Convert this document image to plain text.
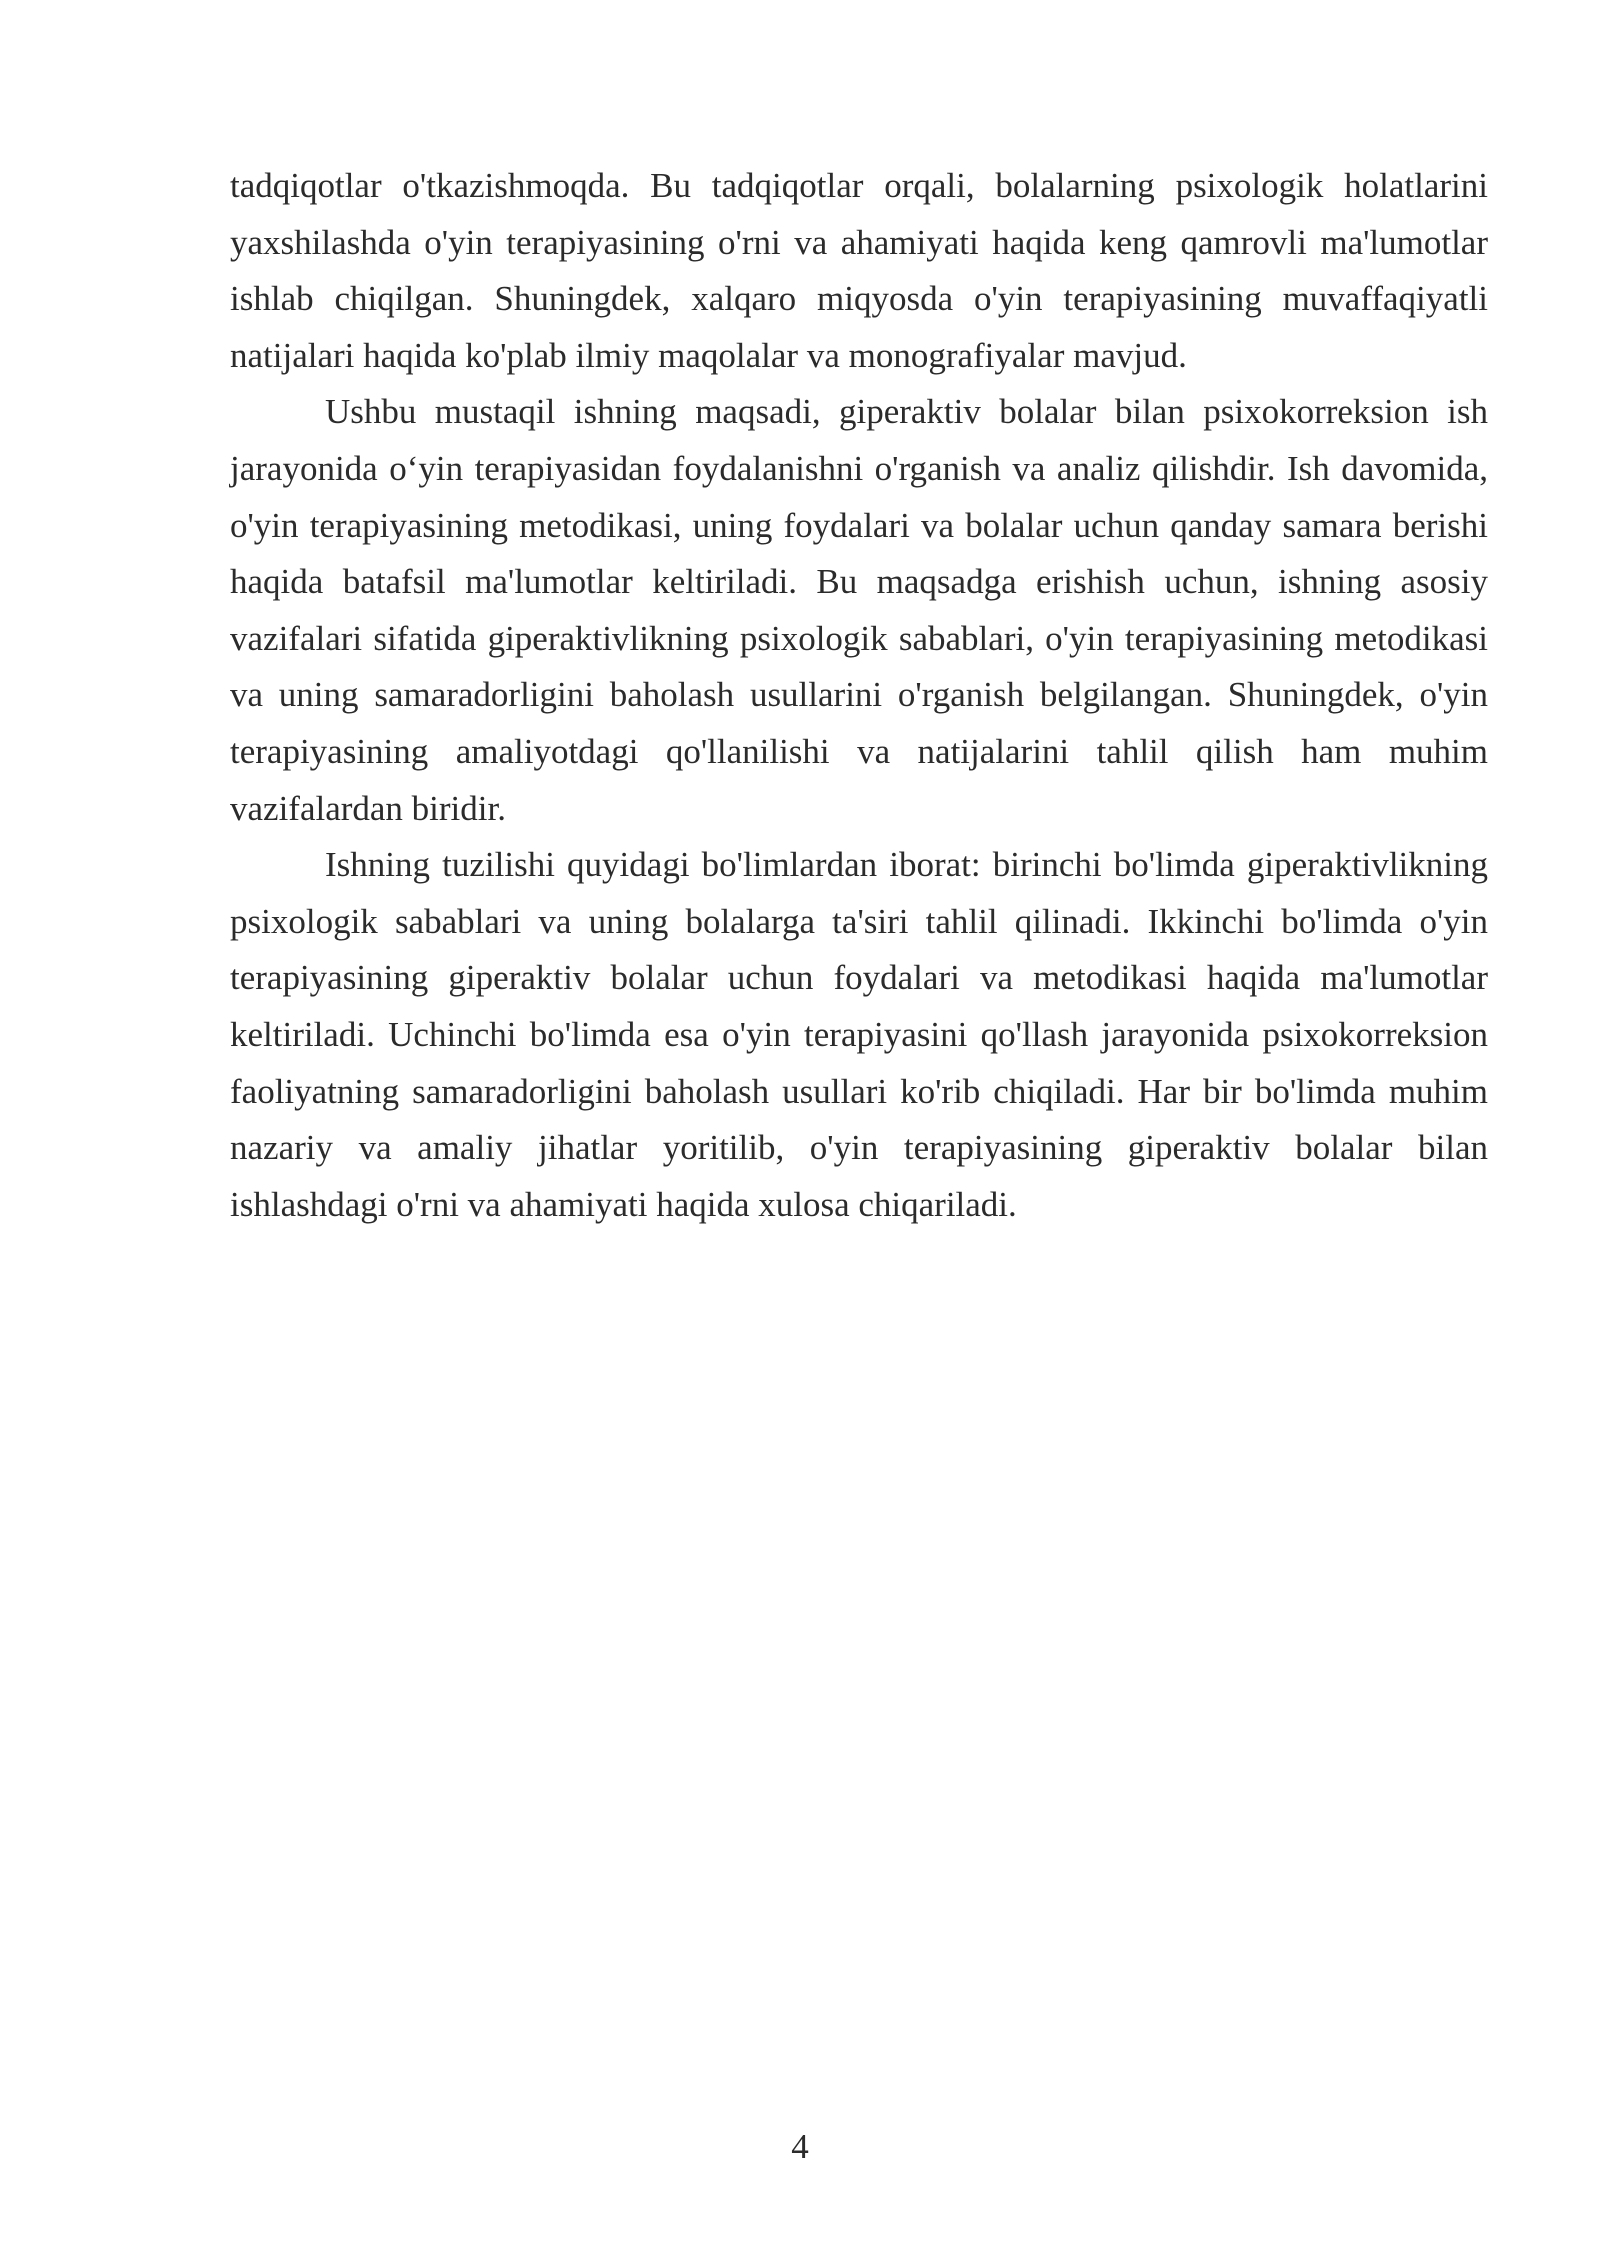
tadqiqotlar o'tkazishmoqda. Bu tadqiqotlar orqali, bolalarning psixologik holatlarini yaxshilashda o'yin terapiyasining o'rni va ahamiyati haqida keng qamrovli ma'lumotlar ishlab chiqilgan. Shuningdek, xalqaro miqyosda o'yin terapiyasining muvaffaqiyatli natijalari haqida ko'plab ilmiy maqolalar va monografiyalar mavjud.

Ushbu mustaqil ishning maqsadi, giperaktiv bolalar bilan psixokorreksion ish jarayonida o‘yin terapiyasidan foydalanishni o'rganish va analiz qilishdir. Ish davomida, o'yin terapiyasining metodikasi, uning foydalari va bolalar uchun qanday samara berishi haqida batafsil ma'lumotlar keltiriladi. Bu maqsadga erishish uchun, ishning asosiy vazifalari sifatida giperaktivlikning psixologik sabablari, o'yin terapiyasining metodikasi va uning samaradorligini baholash usullarini o'rganish belgilangan. Shuningdek, o'yin terapiyasining amaliyotdagi qo'llanilishi va natijalarini tahlil qilish ham muhim vazifalardan biridir.

Ishning tuzilishi quyidagi bo'limlardan iborat: birinchi bo'limda giperaktivlikning psixologik sabablari va uning bolalarga ta'siri tahlil qilinadi. Ikkinchi bo'limda o'yin terapiyasining giperaktiv bolalar uchun foydalari va metodikasi haqida ma'lumotlar keltiriladi. Uchinchi bo'limda esa o'yin terapiyasini qo'llash jarayonida psixokorreksion faoliyatning samaradorligini baholash usullari ko'rib chiqiladi. Har bir bo'limda muhim nazariy va amaliy jihatlar yoritilib, o'yin terapiyasining giperaktiv bolalar bilan ishlashdagi o'rni va ahamiyati haqida xulosa chiqariladi.

4
